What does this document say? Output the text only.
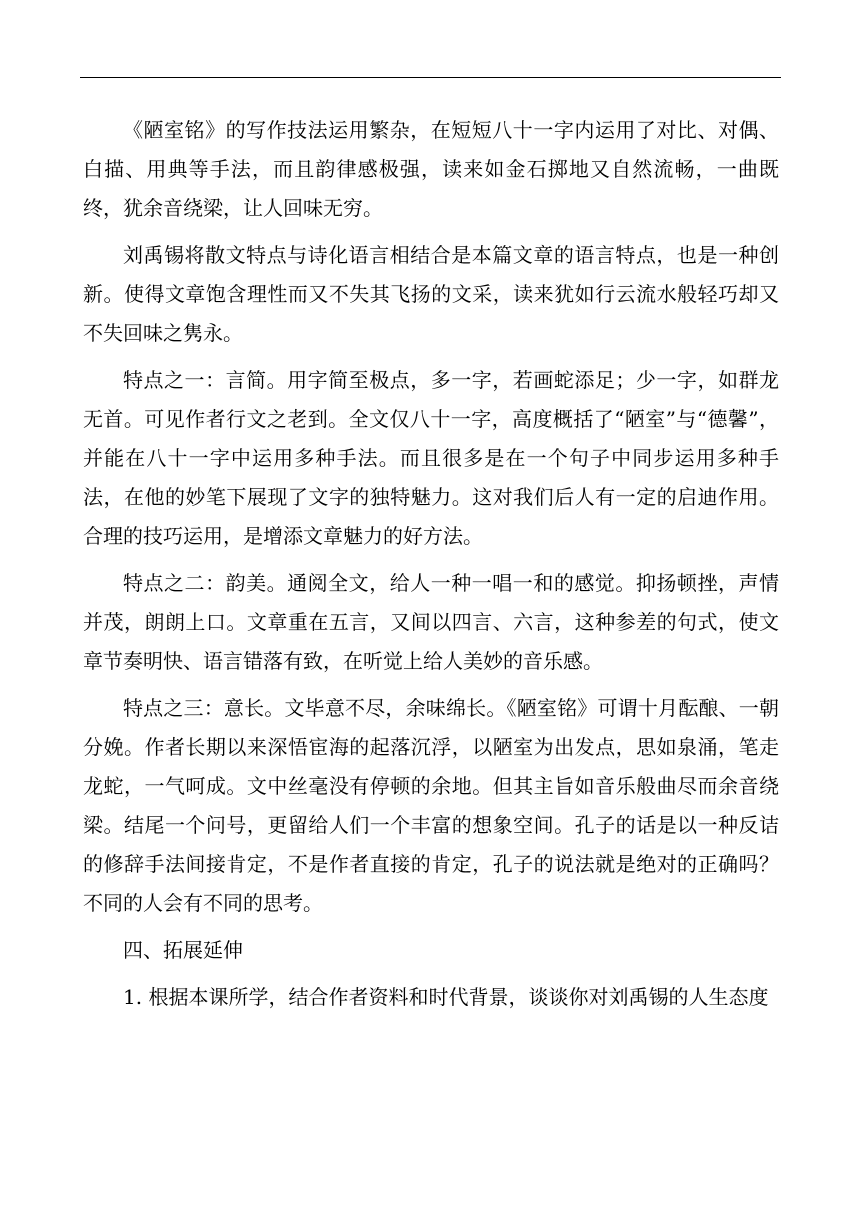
《陋室铭》的写作技法运用繁杂，在短短八十一字内运用了对比、对偶、白描、用典等手法，而且韵律感极强，读来如金石掷地又自然流畅，一曲既终，犹余音绕梁，让人回味无穷。

刘禹锡将散文特点与诗化语言相结合是本篇文章的语言特点，也是一种创新。使得文章饱含理性而又不失其飞扬的文采，读来犹如行云流水般轻巧却又不失回味之隽永。

特点之一：言简。用字简至极点，多一字，若画蛇添足；少一字，如群龙无首。可见作者行文之老到。全文仅八十一字，高度概括了“陋室”与“德馨”，并能在八十一字中运用多种手法。而且很多是在一个句子中同步运用多种手法，在他的妙笔下展现了文字的独特魅力。这对我们后人有一定的启迪作用。合理的技巧运用，是增添文章魅力的好方法。

特点之二：韵美。通阅全文，给人一种一唱一和的感觉。抑扬顿挫，声情并茂，朗朗上口。文章重在五言，又间以四言、六言，这种参差的句式，使文章节奏明快、语言错落有致，在听觉上给人美妙的音乐感。

特点之三：意长。文毕意不尽，余味绵长。《陋室铭》可谓十月酝酿、一朝分娩。作者长期以来深悟宦海的起落沉浮，以陋室为出发点，思如泉涌，笔走龙蛇，一气呵成。文中丝毫没有停顿的余地。但其主旨如音乐般曲尽而余音绕梁。结尾一个问号，更留给人们一个丰富的想象空间。孔子的话是以一种反诘的修辞手法间接肯定，不是作者直接的肯定，孔子的说法就是绝对的正确吗？不同的人会有不同的思考。

四、拓展延伸

1. 根据本课所学，结合作者资料和时代背景，谈谈你对刘禹锡的人生态度
